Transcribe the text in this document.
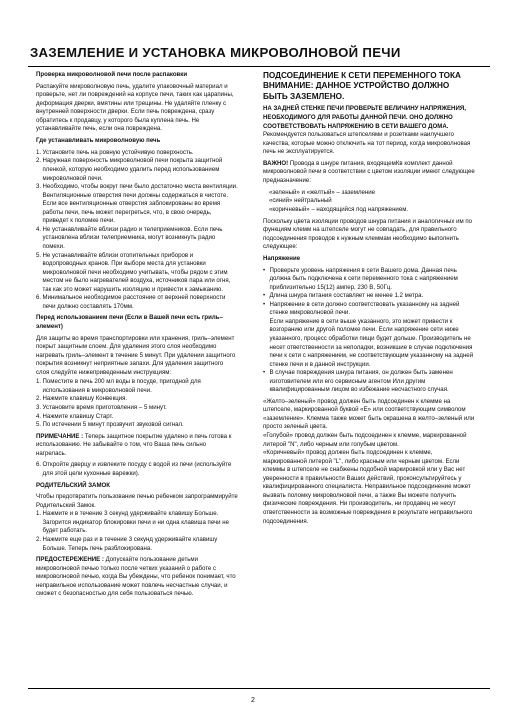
ЗАЗЕМЛЕНИЕ И УСТАНОВКА МИКРОВОЛНОВОЙ ПЕЧИ

Проверка микроволновой печи после распаковки

Распакуйте микроволновую печь, удалите упаковочный материал и проверьте, нет ли повреждений на корпусе печи, таких как царапины, деформация дверки, вмятины или трещины. Не удаляйте пленку с внутренней поверхности дверки. Если печь повреждена, сразу обратитесь к продавцу, у которого была куплена печь. Не устанавливайте печь, если она повреждена.

Где устанавливать микроволновую печь

1. Установите печь на ровную устойчивую поверхность.
2. Наружная поверхность микроволновой печи покрыта защитной пленкой, которую необходимо удалить перед использованием микроволновой печи.
3. Необходимо, чтобы вокруг печи было достаточно места вентиляции. Вентиляционные отверстия печи должны содержаться в чистоте. Если все вентиляционные отверстия заблокированы во время работы печи, печь может перегреться, что, в свою очередь, приведет к поломке печи.
4. Не устанавливайте вблизи радио и телеприемников. Если печь установлена вблизи телеприемника, могут возникнуть радио помехи.
5. Не устанавливайте вблизи отопительных приборов и водопроводных кранов. При выборе места для установки микроволновой печи необходимо учитывать, чтобы рядом с этим местом не было нагревателей воздуха, источников пара или огня, так как это может нарушить изоляцию и привести к замыканию.
6. Минимальное необходимое расстояние от верхней поверхности печи должно составлять 170мм.

Перед использованием печи (Если в Вашей печи есть гриль–элемент)

Для защиты во время транспортировки или хранения, гриль–элемент покрыт защитным слоем. Для удаления этого слоя необходимо нагревать гриль–элемент в течение 5 минут. При удалении защитного покрытия возникнут неприятные запахи. Для удаления защитного слоя следуйте нижеприведенным инструкциям:

1. Поместите в печь 200 мл воды в посуде, пригодной для использования в микроволновой печи.
2. Нажмите клавишу Конвекция.
3. Установите время приготовления – 5 минут.
4. Нажмите клавишу Старт.
5. По истечении 5 минут прозвучит звуковой сигнал.

ПРИМЕЧАНИЕ : Теперь защитное покрытие удалено и печь готова к использованию. Не забывайте о том, что Ваша печь сильно нагрелась.

6. Откройте дверцу и извлеките посуду с водой из печи (используйте для этой цели кухонные варежки).

РОДИТЕЛЬСКИЙ ЗАМОК

Чтобы предотвратить пользование печью ребенком запрограммируйте Родительский Замок.

1. Нажмите и в течение 3 секунд удерживайте клавишу Больше. Загорится индикатор блокировки печи и ни одна клавиша печи не будет работать.
2. Нажмите еще раз и в течение 3 секунд удерживайте клавишу Больше. Теперь печь разблокирована.

ПРЕДОСТЕРЕЖЕНИЕ : Допускайте пользование детьми микроволновой печью только после четких указаний о работе с микроволновой печью, когда Вы убеждены, что ребенок понимает, что неправильное использование может повлечь несчастные случаи, и сможет с безопасностью для себя пользоваться печью.

ПОДСОЕДИНЕНИЕ К СЕТИ ПЕРЕМЕННОГО ТОКА ВНИМАНИЕ: ДАННОЕ УСТРОЙСТВО ДОЛЖНО БЫТЬ ЗАЗЕМЛЕНО.

НА ЗАДНЕЙ СТЕНКЕ ПЕЧИ ПРОВЕРЬТЕ ВЕЛИЧИНУ НАПРЯЖЕНИЯ, НЕОБХОДИМОГО ДЛЯ РАБОТЫ ДАННОЙ ПЕЧИ. ОНО ДОЛЖНО СООТВЕТСТВОВАТЬ НАПРЯЖЕНИЮ В СЕТИ ВАШЕГО ДОМА.

Рекомендуется пользоваться штепселями и розетками наилучшего качества, которые можно отключить на тот период, когда микроволновая печь не эксплуатируется.

ВАЖНО! Провода в шнуре питания, входящемКв комплект данной микроволновой печи в соответствии с цветом изоляции имеют следующее предназначение:

«зеленый» и «желтый» – заземление
«синий» нейтральный
«коричневый» – находящийся под напряжением.

Поскольку цвета изоляции проводов шнура питания и аналогичных им по функциям клемм на штепселе могут не совпадать, для правильного подсоединения проводов к нужным клеммам необходимо выполнить следующее:

Напряжение

• Проверьте уровень напряжения в сети Вашего дома. Данная печь должна быть подключена к сети переменного тока с напряжением приблизительно 15(12) ампер, 230 В, 50Гц.
• Длина шнура питания составляет не менее 1.2 метра.
• Напряжение в сети должно соответствовать указанному на задней стенке микроволновой печи.
Если напряжение в сети выше указанного, это может привести к возгоранию или другой поломке печи. Если напряжение сети ниже указанного, процесс обработки пищи будет дольше. Производитель не несет ответственности за неполадки, возникшие в случае подключения печи к сети с напряжением, не соответствующим указанному на задней стенке печи и в данной инструкции.
• В случае повреждения шнура питания, он должен быть заменен изготовителем или его сервисным агентом Или другим квалифицированным лицом во избежание несчастного случая.

«Желто–зеленый» провод должен быть подсоединен к клемме на штепселе, маркированной буквой «Е» или соответствующим символом «заземление». Клемма также может быть окрашена в желто–зеленый или просто зеленый цвета.
«Голубой» провод должен быть подсоединен к клемме, маркированной литерой "N", либо черным или голубым цветом.
«Коричневый» провод должен быть подсоединен к клемме, маркированной литерой "L", либо красным или черным цветом. Если клеммы в штепселе не снабжены подобной маркировкой или у Вас нет уверенности в правильности Ваших действий, проконсультируйтесь у квалифицированного специалиста. Неправильное подсоединение может вызвать поломку микроволновой печи, а также Вы можете получить физические повреждения. Ни производитель, ни продавец не несут ответственности за возможные повреждения в результате неправильного подсоединения.

2
